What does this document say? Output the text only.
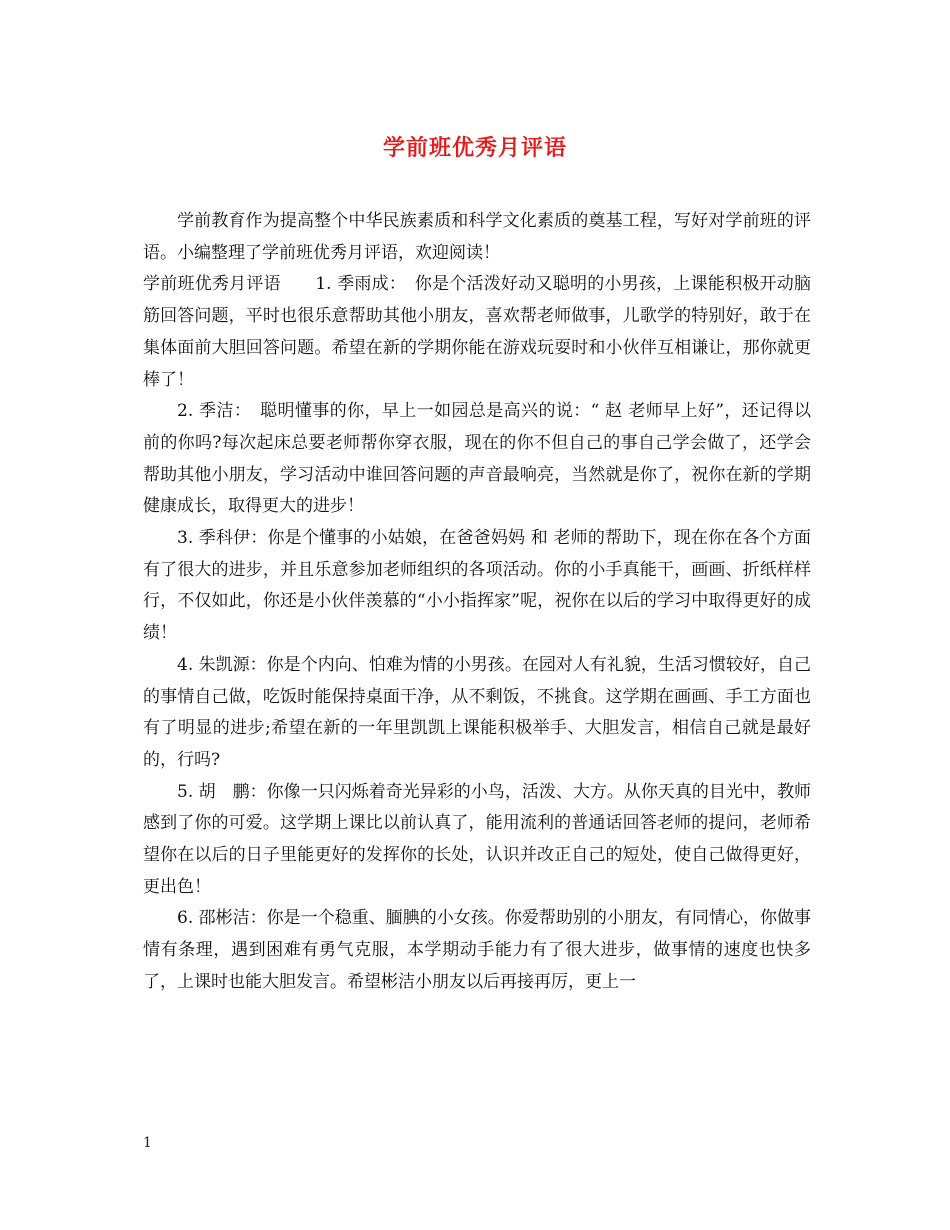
学前班优秀月评语

学前教育作为提高整个中华民族素质和科学文化素质的奠基工程，写好对学前班的评语。小编整理了学前班优秀月评语，欢迎阅读！

学前班优秀月评语　　1. 季雨成：　你是个活泼好动又聪明的小男孩，上课能积极开动脑筋回答问题，平时也很乐意帮助其他小朋友，喜欢帮老师做事，儿歌学的特别好，敢于在集体面前大胆回答问题。希望在新的学期你能在游戏玩耍时和小伙伴互相谦让，那你就更棒了！

2. 季洁：　聪明懂事的你，早上一如园总是高兴的说：“ 赵 老师早上好”，还记得以前的你吗?每次起床总要老师帮你穿衣服，现在的你不但自己的事自己学会做了，还学会帮助其他小朋友，学习活动中谁回答问题的声音最响亮，当然就是你了，祝你在新的学期健康成长，取得更大的进步！

3. 季科伊：你是个懂事的小姑娘，在爸爸妈妈 和 老师的帮助下，现在你在各个方面有了很大的进步，并且乐意参加老师组织的各项活动。你的小手真能干，画画、折纸样样行，不仅如此，你还是小伙伴羡慕的“小小指挥家”呢，祝你在以后的学习中取得更好的成绩！

4. 朱凯源：你是个内向、怕难为情的小男孩。在园对人有礼貌，生活习惯较好，自己的事情自己做，吃饭时能保持桌面干净，从不剩饭，不挑食。这学期在画画、手工方面也有了明显的进步;希望在新的一年里凯凯上课能积极举手、大胆发言，相信自己就是最好的，行吗?

5. 胡　鹏：你像一只闪烁着奇光异彩的小鸟，活泼、大方。从你天真的目光中，教师感到了你的可爱。这学期上课比以前认真了，能用流利的普通话回答老师的提问，老师希望你在以后的日子里能更好的发挥你的长处，认识并改正自己的短处，使自己做得更好，更出色！

6. 邵彬洁：你是一个稳重、腼腆的小女孩。你爱帮助别的小朋友，有同情心，你做事情有条理，遇到困难有勇气克服，本学期动手能力有了很大进步，做事情的速度也快多了，上课时也能大胆发言。希望彬洁小朋友以后再接再厉，更上一

1
